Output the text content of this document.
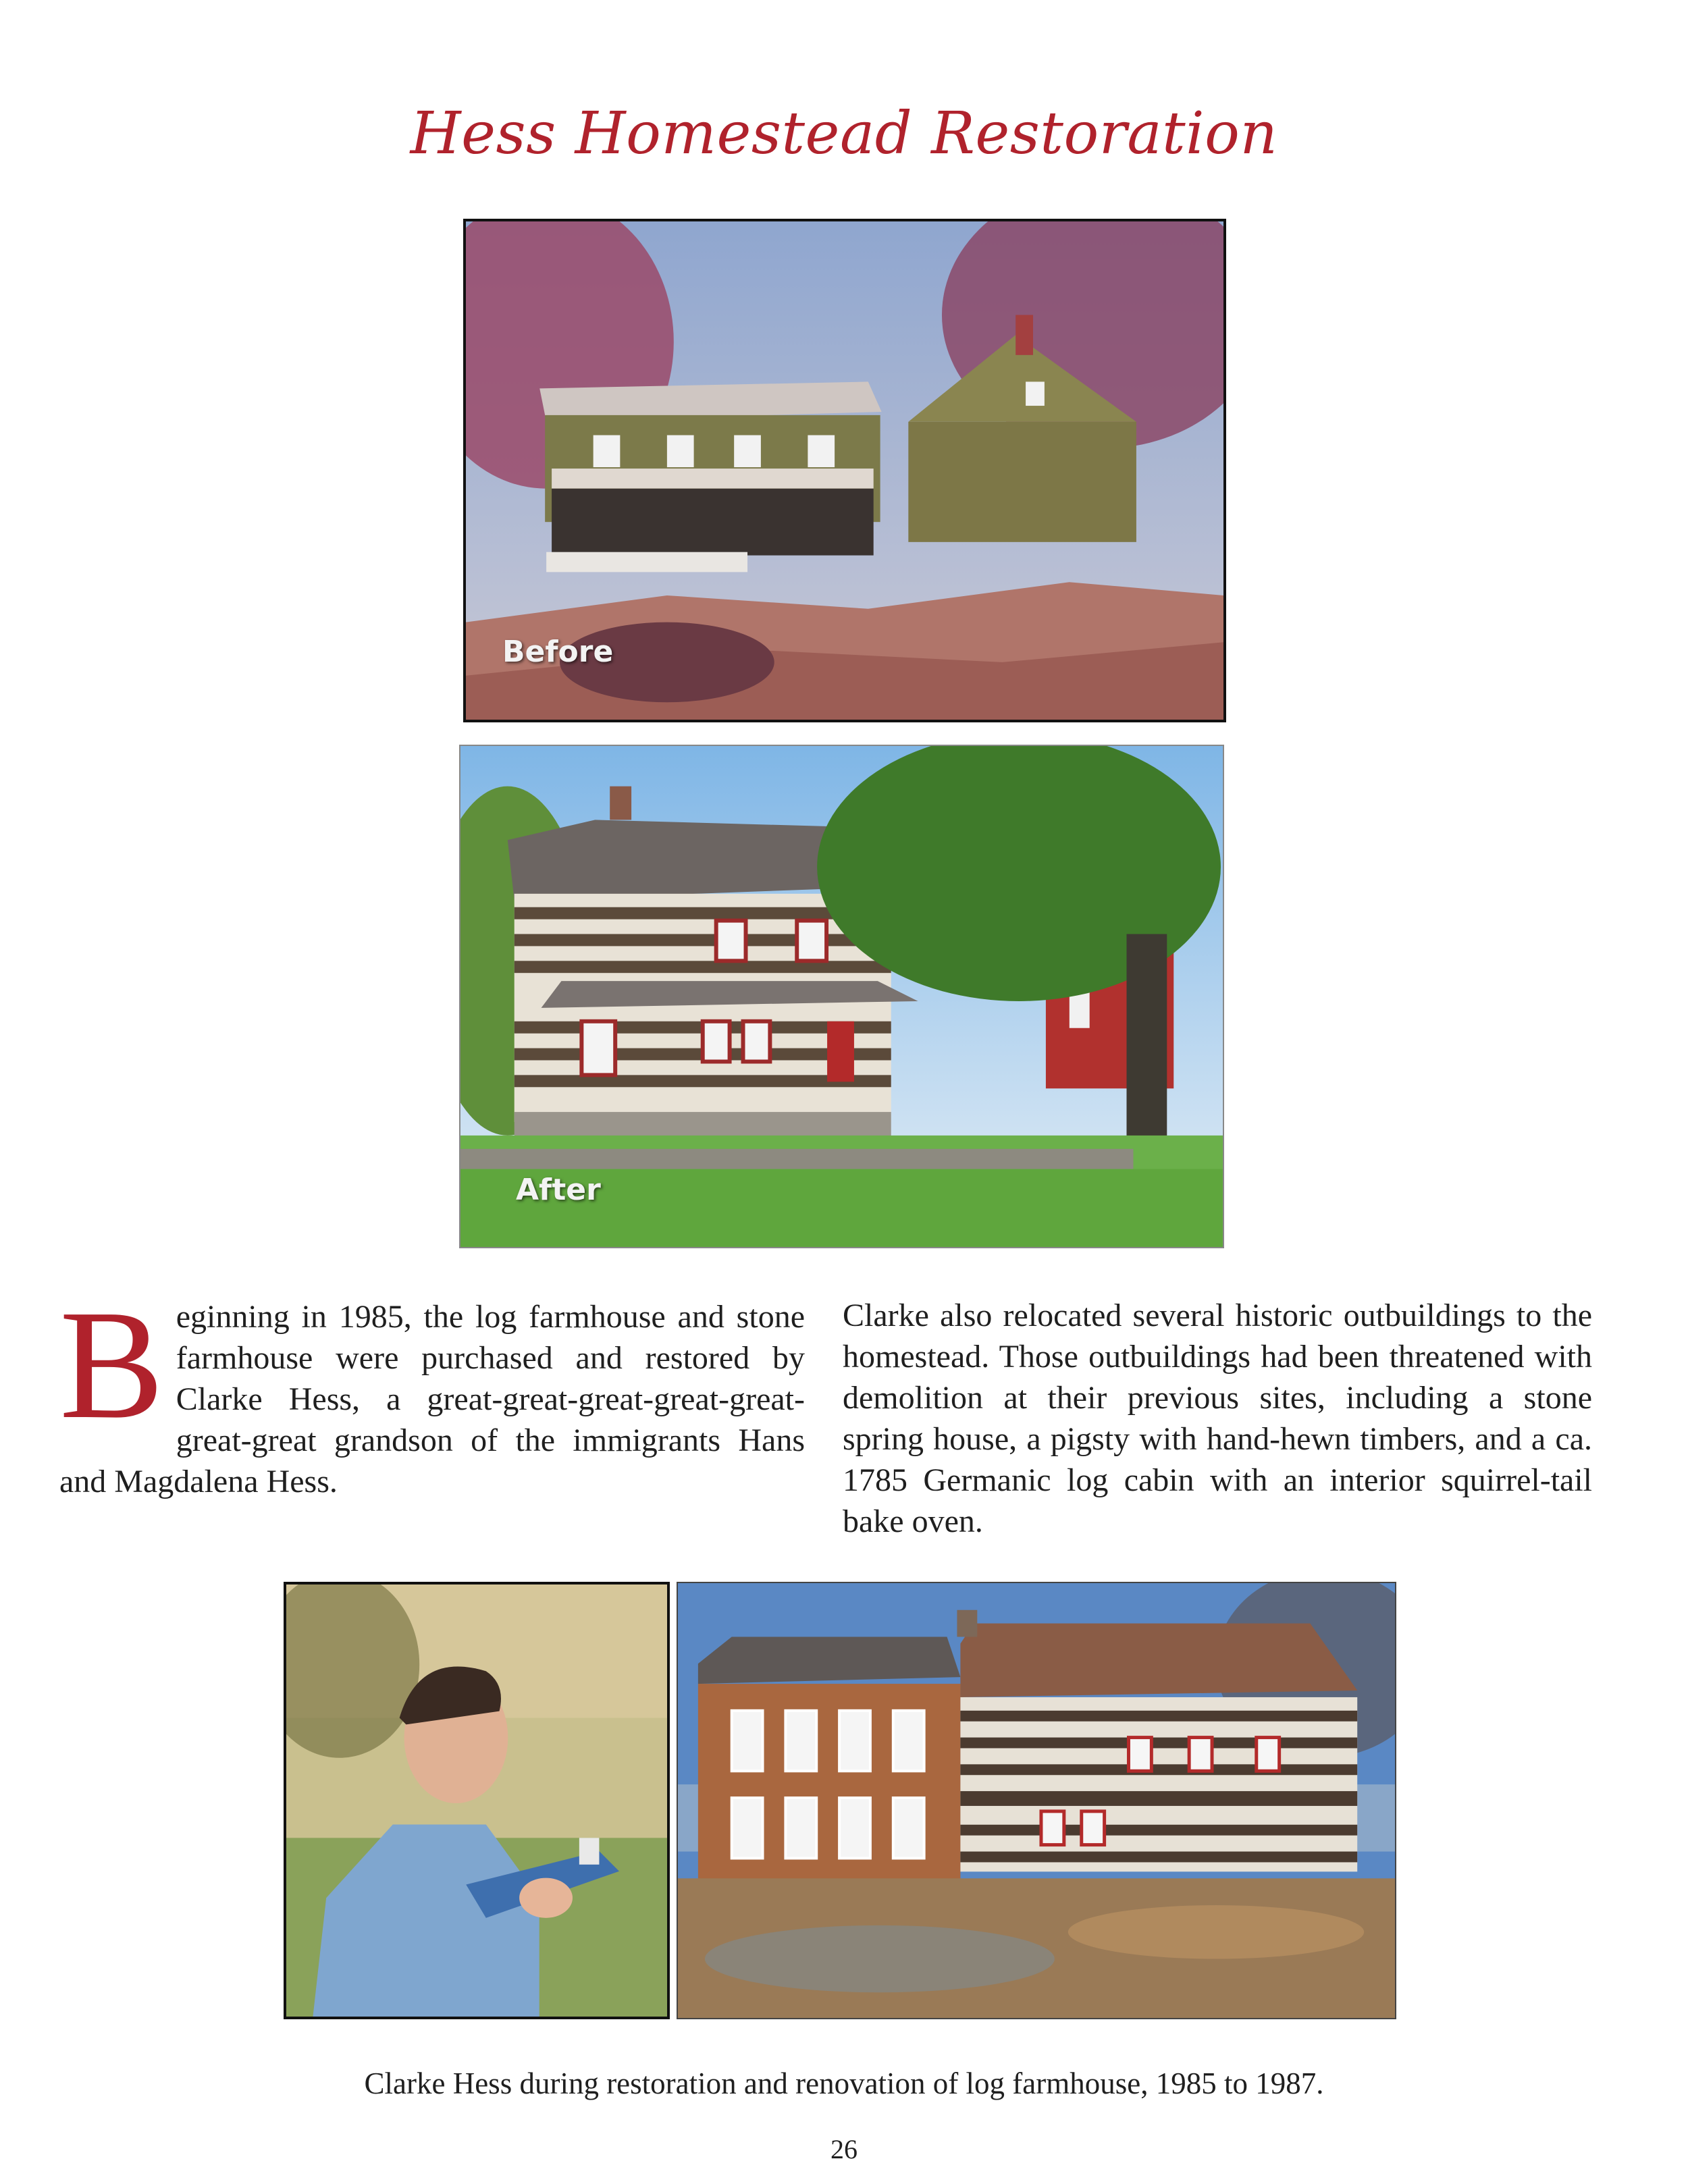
Hess Homestead Restoration
Before
After
Beginning in 1985, the log farmhouse and stone farmhouse were purchased and restored by Clarke Hess, a great-great-great-great-great-great-great grandson of the immigrants Hans and Magdalena Hess.
Clarke also relocated several historic outbuildings to the homestead. Those outbuildings had been threatened with demolition at their previous sites, including a stone spring house, a pigsty with hand-hewn timbers, and a ca. 1785 Germanic log cabin with an interior squirrel-tail bake oven.
Clarke Hess during restoration and renovation of log farmhouse, 1985 to 1987.
26
